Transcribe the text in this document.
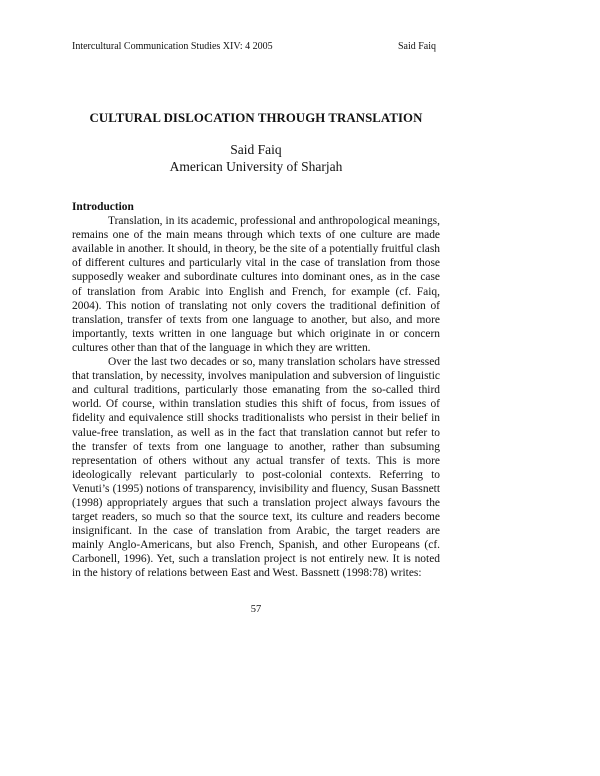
Intercultural Communication Studies XIV: 4 2005	Said Faiq
CULTURAL DISLOCATION THROUGH TRANSLATION
Said Faiq
American University of Sharjah

Introduction

Translation, in its academic, professional and anthropological meanings, remains one of the main means through which texts of one culture are made available in another. It should, in theory, be the site of a potentially fruitful clash of different cultures and particularly vital in the case of translation from those supposedly weaker and subordinate cultures into dominant ones, as in the case of translation from Arabic into English and French, for example (cf. Faiq, 2004). This notion of translating not only covers the traditional definition of translation, transfer of texts from one language to another, but also, and more importantly, texts written in one language but which originate in or concern cultures other than that of the language in which they are written.

Over the last two decades or so, many translation scholars have stressed that translation, by necessity, involves manipulation and subversion of linguistic and cultural traditions, particularly those emanating from the so-called third world. Of course, within translation studies this shift of focus, from issues of fidelity and equivalence still shocks traditionalists who persist in their belief in value-free translation, as well as in the fact that translation cannot but refer to the transfer of texts from one language to another, rather than subsuming representation of others without any actual transfer of texts. This is more ideologically relevant particularly to post-colonial contexts. Referring to Venuti’s (1995) notions of transparency, invisibility and fluency, Susan Bassnett (1998) appropriately argues that such a translation project always favours the target readers, so much so that the source text, its culture and readers become insignificant. In the case of translation from Arabic, the target readers are mainly Anglo-Americans, but also French, Spanish, and other Europeans (cf. Carbonell, 1996). Yet, such a translation project is not entirely new. It is noted in the history of relations between East and West. Bassnett (1998:78) writes:

57
